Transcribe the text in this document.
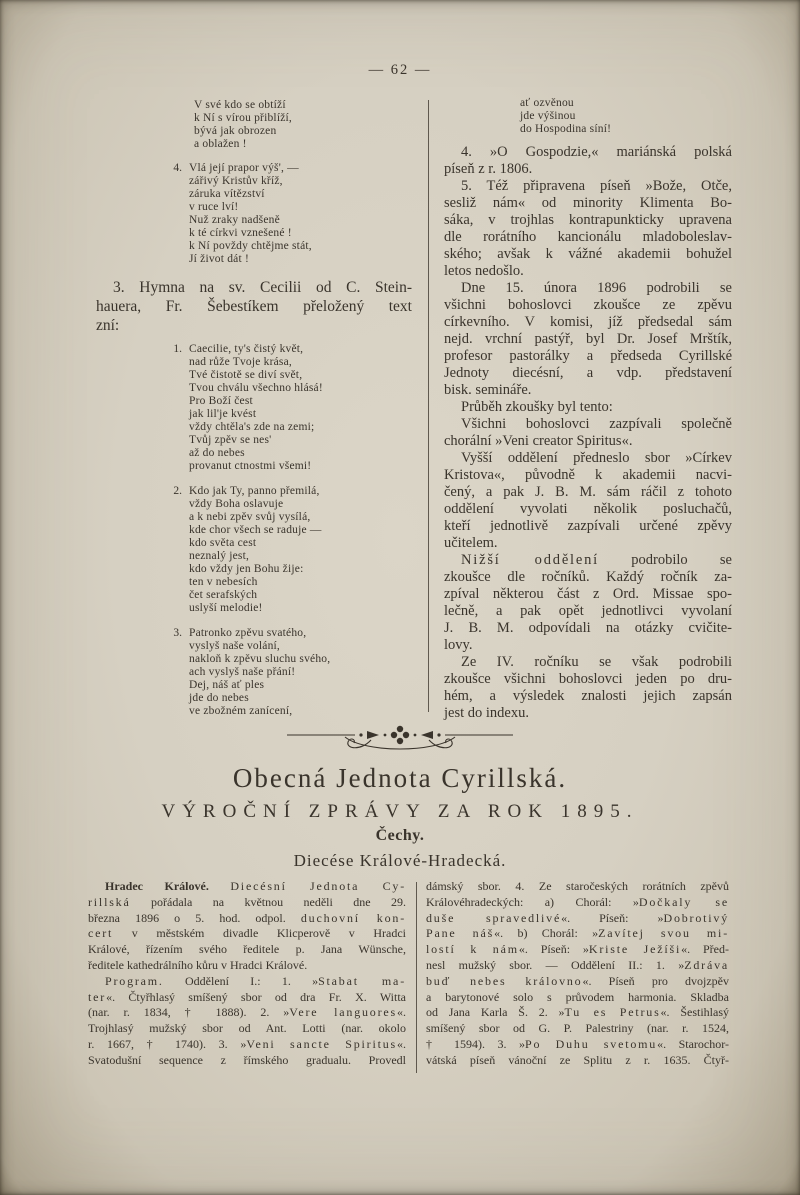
— 62 —
V své kdo se obtíží
k Ní s vírou přiblíží,
bývá jak obrozen
a oblažen !
4. Vlá její prapor výš', —
zářivý Kristův kříž,
záruka vítězství
v ruce lví!
Nuž zraky nadšeně
k té církvi vznešené !
k Ní povždy chtějme stát,
Jí život dát !
3. Hymna na sv. Cecilii od C. Stein-
hauera, Fr. Šebestíkem přeložený text
zní:
1. Caecilie, ty's čistý květ,
nad růže Tvoje krása,
Tvé čistotě se diví svět,
Tvou chválu všechno hlásá!
Pro Boží čest
jak lil'je kvést
vždy chtěla's zde na zemi;
Tvůj zpěv se nes'
až do nebes
provanut ctnostmi všemi!
2. Kdo jak Ty, panno přemilá,
vždy Boha oslavuje
a k nebi zpěv svůj vysílá,
kde chor všech se raduje —
kdo světa cest
neznalý jest,
kdo vždy jen Bohu žije:
ten v nebesích
čet serafských
uslyší melodie!
3. Patronko zpěvu svatého,
vyslyš naše volání,
nakloň k zpěvu sluchu svého,
ach vyslyš naše přání!
Dej, náš ať ples
jde do nebes
ve zbožném zanícení,
ať ozvěnou
jde výšinou
do Hospodina síní!
4. »O Gospodzie,« mariánská polská
píseň z r. 1806.
5. Též připravena píseň »Bože, Otče,
sesliž nám« od minority Klimenta Bo-
sáka, v trojhlas kontrapunkticky upravena
dle rorátního kancionálu mladoboleslav-
ského; avšak k vážné akademii bohužel
letos nedošlo.
Dne 15. února 1896 podrobili se
všichni bohoslovci zkoušce ze zpěvu
církevního. V komisi, jíž předsedal sám
nejd. vrchní pastýř, byl Dr. Josef Mrštík,
profesor pastorálky a předseda Cyrillské
Jednoty diecésní, a vdp. představení
bisk. semináře.
Průběh zkoušky byl tento:
Všichni bohoslovci zazpívali společně
chorální »Veni creator Spiritus«.
Vyšší oddělení předneslo sbor »Církev
Kristova«, původně k akademii nacvi-
čený, a pak J. B. M. sám ráčil z tohoto
oddělení vyvolati několik posluchačů,
kteří jednotlivě zazpívali určené zpěvy
učitelem.
Nižší oddělení podrobilo se
zkoušce dle ročníků. Každý ročník za-
zpíval některou část z Ord. Missae spo-
lečně, a pak opět jednotlivci vyvolaní
J. B. M. odpovídali na otázky cvičite-
lovy.
Ze IV. ročníku se však podrobili
zkoušce všichni bohoslovci jeden po dru-
hém, a výsledek znalosti jejich zapsán
jest do indexu.
Obecná Jednota Cyrillská.
VÝROČNÍ ZPRÁVY ZA ROK 1895.
Čechy.
Diecése Králové-Hradecká.
Hradec Králové. Diecésní Jednota Cy-
rillská pořádala na květnou neděli dne 29.
března 1896 o 5. hod. odpol. duchovní kon-
cert v městském divadle Klicperově v Hradci
Králové, řízením svého ředitele p. Jana Wünsche,
ředitele kathedrálního kůru v Hradci Králové.
Program. Oddělení I.: 1. »Stabat ma-
ter«. Čtyřhlasý smíšený sbor od dra Fr. X. Witta
(nar. r. 1834, † 1888). 2. »Vere languores«.
Trojhlasý mužský sbor od Ant. Lotti (nar. okolo
r. 1667, † 1740). 3. »Veni sancte Spiritus«.
Svatodušní sequence z římského gradualu. Provedl
dámský sbor. 4. Ze staročeských rorátních zpěvů
Královéhradeckých: a) Chorál: »Dočkaly se
duše spravedlivé«. Píseň: »Dobrotivý
Pane náš«. b) Chorál: »Zavítej svou mi-
lostí k nám«. Píseň: »Kriste Ježíši«. Před-
nesl mužský sbor. — Oddělení II.: 1. »Zdráva
buď nebes královno«. Píseň pro dvojzpěv
a barytonové solo s průvodem harmonia. Skladba
od Jana Karla Š. 2. »Tu es Petrus«. Šestihlasý
smíšený sbor od G. P. Palestriny (nar. r. 1524,
† 1594). 3. »Po Duhu svetomu«. Starochor-
vátská píseň vánoční ze Splitu z r. 1635. Čtyř-
